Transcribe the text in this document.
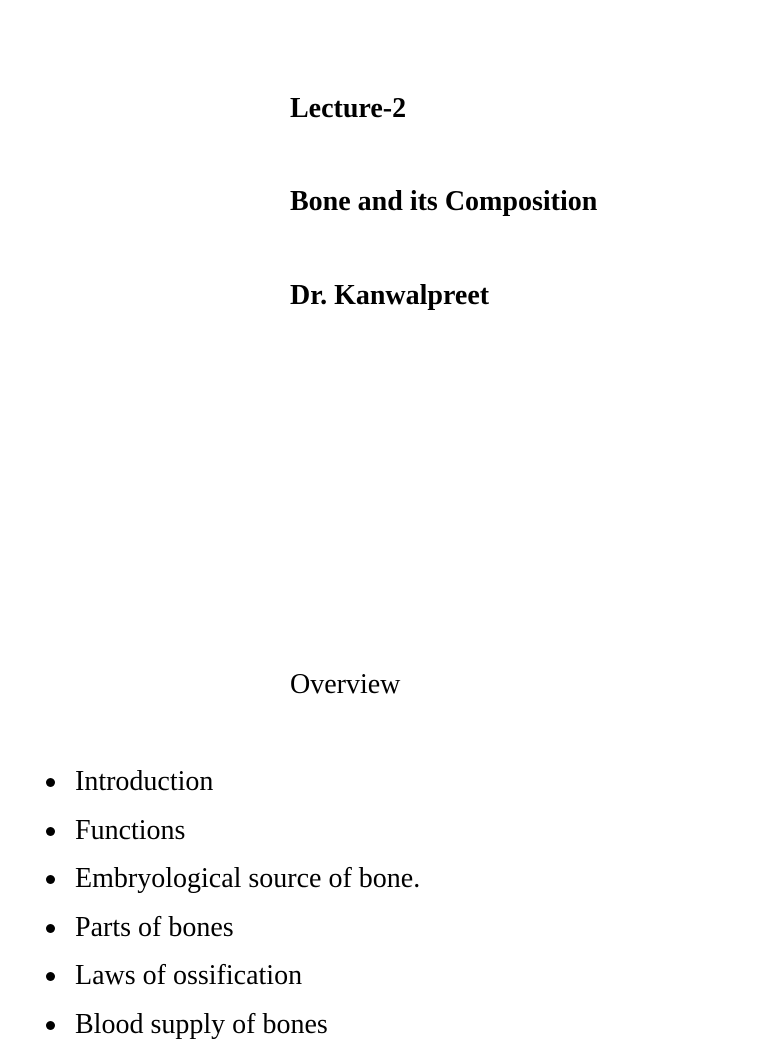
Lecture-2
Bone and its Composition
Dr. Kanwalpreet
Overview
Introduction
Functions
Embryological source of bone.
Parts of bones
Laws of ossification
Blood supply of bones
